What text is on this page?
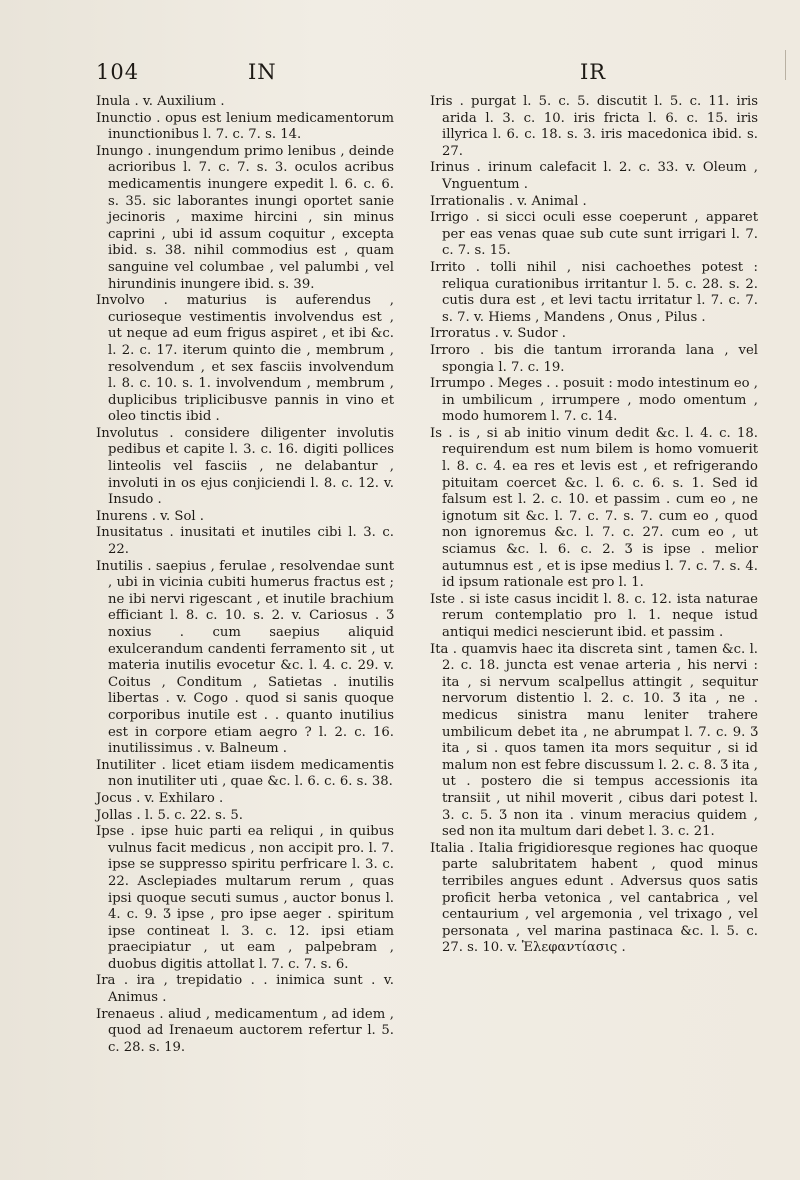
104	IN	IR

Inula . v. Auxilium .

Inunctio . opus est lenium medicamentorum inunctionibus l. 7. c. 7. s. 14.

Inungo . inungendum primo lenibus , deinde acrioribus l. 7. c. 7. s. 3. oculos acribus medicamentis inungere expedit l. 6. c. 6. s. 35. sic laborantes inungi oportet sanie jecinoris , maxime hircini , sin minus caprini , ubi id assum coquitur , excepta ibid. s. 38. nihil commodius est , quam sanguine vel columbae , vel palumbi , vel hirundinis inungere ibid. s. 39.

Involvo . maturius is auferendus , curioseque vestimentis involvendus est , ut neque ad eum frigus aspiret , et ibi &c. l. 2. c. 17. iterum quinto die , membrum , resolvendum , et sex fasciis involvendum l. 8. c. 10. s. 1. involvendum , membrum , duplicibus triplicibusve pannis in vino et oleo tinctis ibid .

Involutus . considere diligenter involutis pedibus et capite l. 3. c. 16. digiti pollices linteolis vel fasciis , ne delabantur , involuti in os ejus conjiciendi l. 8. c. 12. v. Insudo .

Inurens . v. Sol .

Inusitatus . inusitati et inutiles cibi l. 3. c. 22.

Inutilis . saepius , ferulae , resolvendae sunt , ubi in vicinia cubiti humerus fractus est ; ne ibi nervi rigescant , et inutile brachium efficiant l. 8. c. 10. s. 2. v. Cariosus . Ʒ noxius . cum saepius aliquid exulcerandum candenti ferramento sit , ut materia inutilis evocetur &c. l. 4. c. 29. v. Coitus , Conditum , Satietas . inutilis libertas . v. Cogo . quod si sanis quoque corporibus inutile est . . quanto inutilius est in corpore etiam aegro ? l. 2. c. 16. inutilissimus . v. Balneum .

Inutiliter . licet etiam iisdem medicamentis non inutiliter uti , quae &c. l. 6. c. 6. s. 38.

Jocus . v. Exhilaro .

Jollas . l. 5. c. 22. s. 5.

Ipse . ipse huic parti ea reliqui , in quibus vulnus facit medicus , non accipit pro. l. 7. ipse se suppresso spiritu perfricare l. 3. c. 22. Asclepiades multarum rerum , quas ipsi quoque secuti sumus , auctor bonus l. 4. c. 9. Ʒ ipse , pro ipse aeger . spiritum ipse contineat l. 3. c. 12. ipsi etiam praecipiatur , ut eam , palpebram , duobus digitis attollat l. 7. c. 7. s. 6.

Ira . ira , trepidatio . . inimica sunt . v. Animus .

Irenaeus . aliud , medicamentum , ad idem , quod ad Irenaeum auctorem refertur l. 5. c. 28. s. 19.

Iris . purgat l. 5. c. 5. discutit l. 5. c. 11. iris arida l. 3. c. 10. iris fricta l. 6. c. 15. iris illyrica l. 6. c. 18. s. 3. iris macedonica ibid. s. 27.

Irinus . irinum calefacit l. 2. c. 33. v. Oleum , Vnguentum .

Irrationalis . v. Animal .

Irrigo . si sicci oculi esse coeperunt , apparet per eas venas quae sub cute sunt irrigari l. 7. c. 7. s. 15.

Irrito . tolli nihil , nisi cachoethes potest : reliqua curationibus irritantur l. 5. c. 28. s. 2. cutis dura est , et levi tactu irritatur l. 7. c. 7. s. 7. v. Hiems , Mandens , Onus , Pilus .

Irroratus . v. Sudor .

Irroro . bis die tantum irroranda lana , vel spongia l. 7. c. 19.

Irrumpo . Meges . . posuit : modo intestinum eo , in umbilicum , irrumpere , modo omentum , modo humorem l. 7. c. 14.

Is . is , si ab initio vinum dedit &c. l. 4. c. 18. requirendum est num bilem is homo vomuerit l. 8. c. 4. ea res et levis est , et refrigerando pituitam coercet &c. l. 6. c. 6. s. 1. Sed id falsum est l. 2. c. 10. et passim . cum eo , ne ignotum sit &c. l. 7. c. 7. s. 7. cum eo , quod non ignoremus &c. l. 7. c. 27. cum eo , ut sciamus &c. l. 6. c. 2. Ʒ is ipse . melior autumnus est , et is ipse medius l. 7. c. 7. s. 4. id ipsum rationale est pro l. 1.

Iste . si iste casus incidit l. 8. c. 12. ista naturae rerum contemplatio pro l. 1. neque istud antiqui medici nescierunt ibid. et passim .

Ita . quamvis haec ita discreta sint , tamen &c. l. 2. c. 18. juncta est venae arteria , his nervi : ita , si nervum scalpellus attingit , sequitur nervorum distentio l. 2. c. 10. Ʒ ita , ne . medicus sinistra manu leniter trahere umbilicum debet ita , ne abrumpat l. 7. c. 9. Ʒ ita , si . quos tamen ita mors sequitur , si id malum non est febre discussum l. 2. c. 8. Ʒ ita , ut . postero die si tempus accessionis ita transiit , ut nihil moverit , cibus dari potest l. 3. c. 5. Ʒ non ita . vinum meracius quidem , sed non ita multum dari debet l. 3. c. 21.

Italia . Italia frigidioresque regiones hac quoque parte salubritatem habent , quod minus terribiles angues edunt . Adversus quos satis proficit herba vetonica , vel cantabrica , vel centaurium , vel argemonia , vel trixago , vel personata , vel marina pastinaca &c. l. 5. c. 27. s. 10. v. Ἐλεφαντίασις .
